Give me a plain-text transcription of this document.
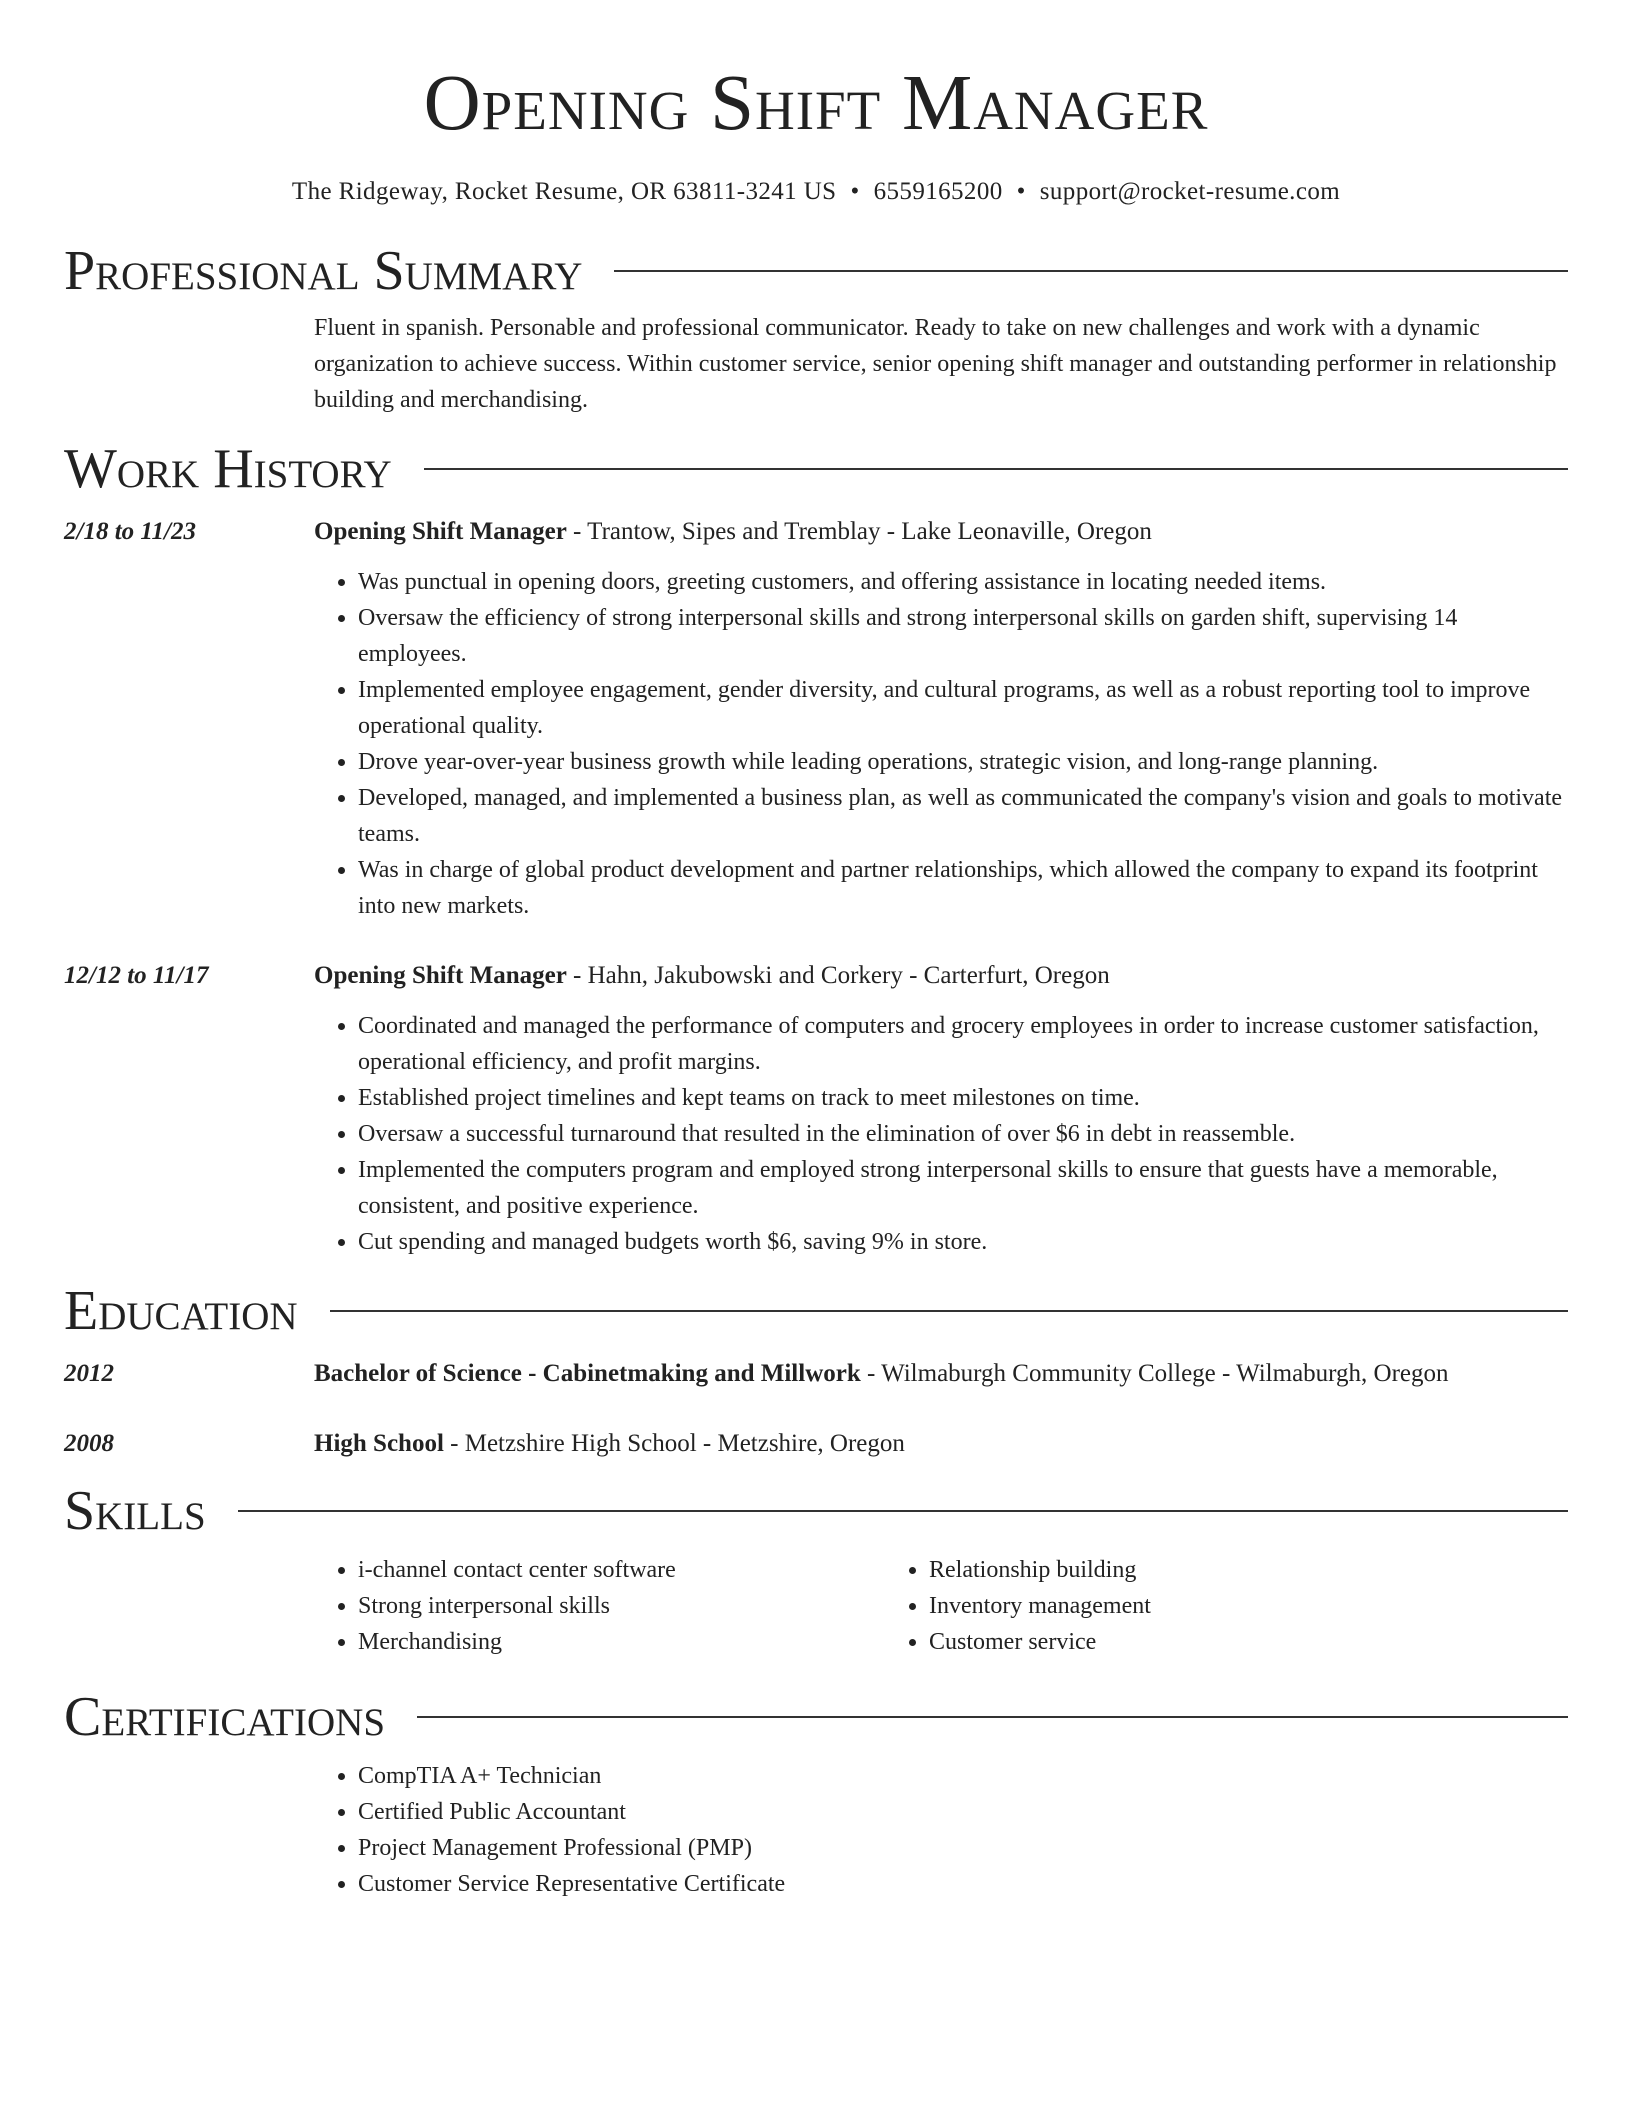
Opening Shift Manager
The Ridgeway, Rocket Resume, OR 63811-3241 US • 6559165200 • support@rocket-resume.com
Professional Summary
Fluent in spanish. Personable and professional communicator. Ready to take on new challenges and work with a dynamic organization to achieve success. Within customer service, senior opening shift manager and outstanding performer in relationship building and merchandising.
Work History
2/18 to 11/23	Opening Shift Manager - Trantow, Sipes and Tremblay - Lake Leonaville, Oregon
• Was punctual in opening doors, greeting customers, and offering assistance in locating needed items.
• Oversaw the efficiency of strong interpersonal skills and strong interpersonal skills on garden shift, supervising 14 employees.
• Implemented employee engagement, gender diversity, and cultural programs, as well as a robust reporting tool to improve operational quality.
• Drove year-over-year business growth while leading operations, strategic vision, and long-range planning.
• Developed, managed, and implemented a business plan, as well as communicated the company's vision and goals to motivate teams.
• Was in charge of global product development and partner relationships, which allowed the company to expand its footprint into new markets.
12/12 to 11/17	Opening Shift Manager - Hahn, Jakubowski and Corkery - Carterfurt, Oregon
• Coordinated and managed the performance of computers and grocery employees in order to increase customer satisfaction, operational efficiency, and profit margins.
• Established project timelines and kept teams on track to meet milestones on time.
• Oversaw a successful turnaround that resulted in the elimination of over $6 in debt in reassemble.
• Implemented the computers program and employed strong interpersonal skills to ensure that guests have a memorable, consistent, and positive experience.
• Cut spending and managed budgets worth $6, saving 9% in store.
Education
2012	Bachelor of Science - Cabinetmaking and Millwork - Wilmaburgh Community College - Wilmaburgh, Oregon
2008	High School - Metzshire High School - Metzshire, Oregon
Skills
• i-channel contact center software
• Strong interpersonal skills
• Merchandising
• Relationship building
• Inventory management
• Customer service
Certifications
• CompTIA A+ Technician
• Certified Public Accountant
• Project Management Professional (PMP)
• Customer Service Representative Certificate
